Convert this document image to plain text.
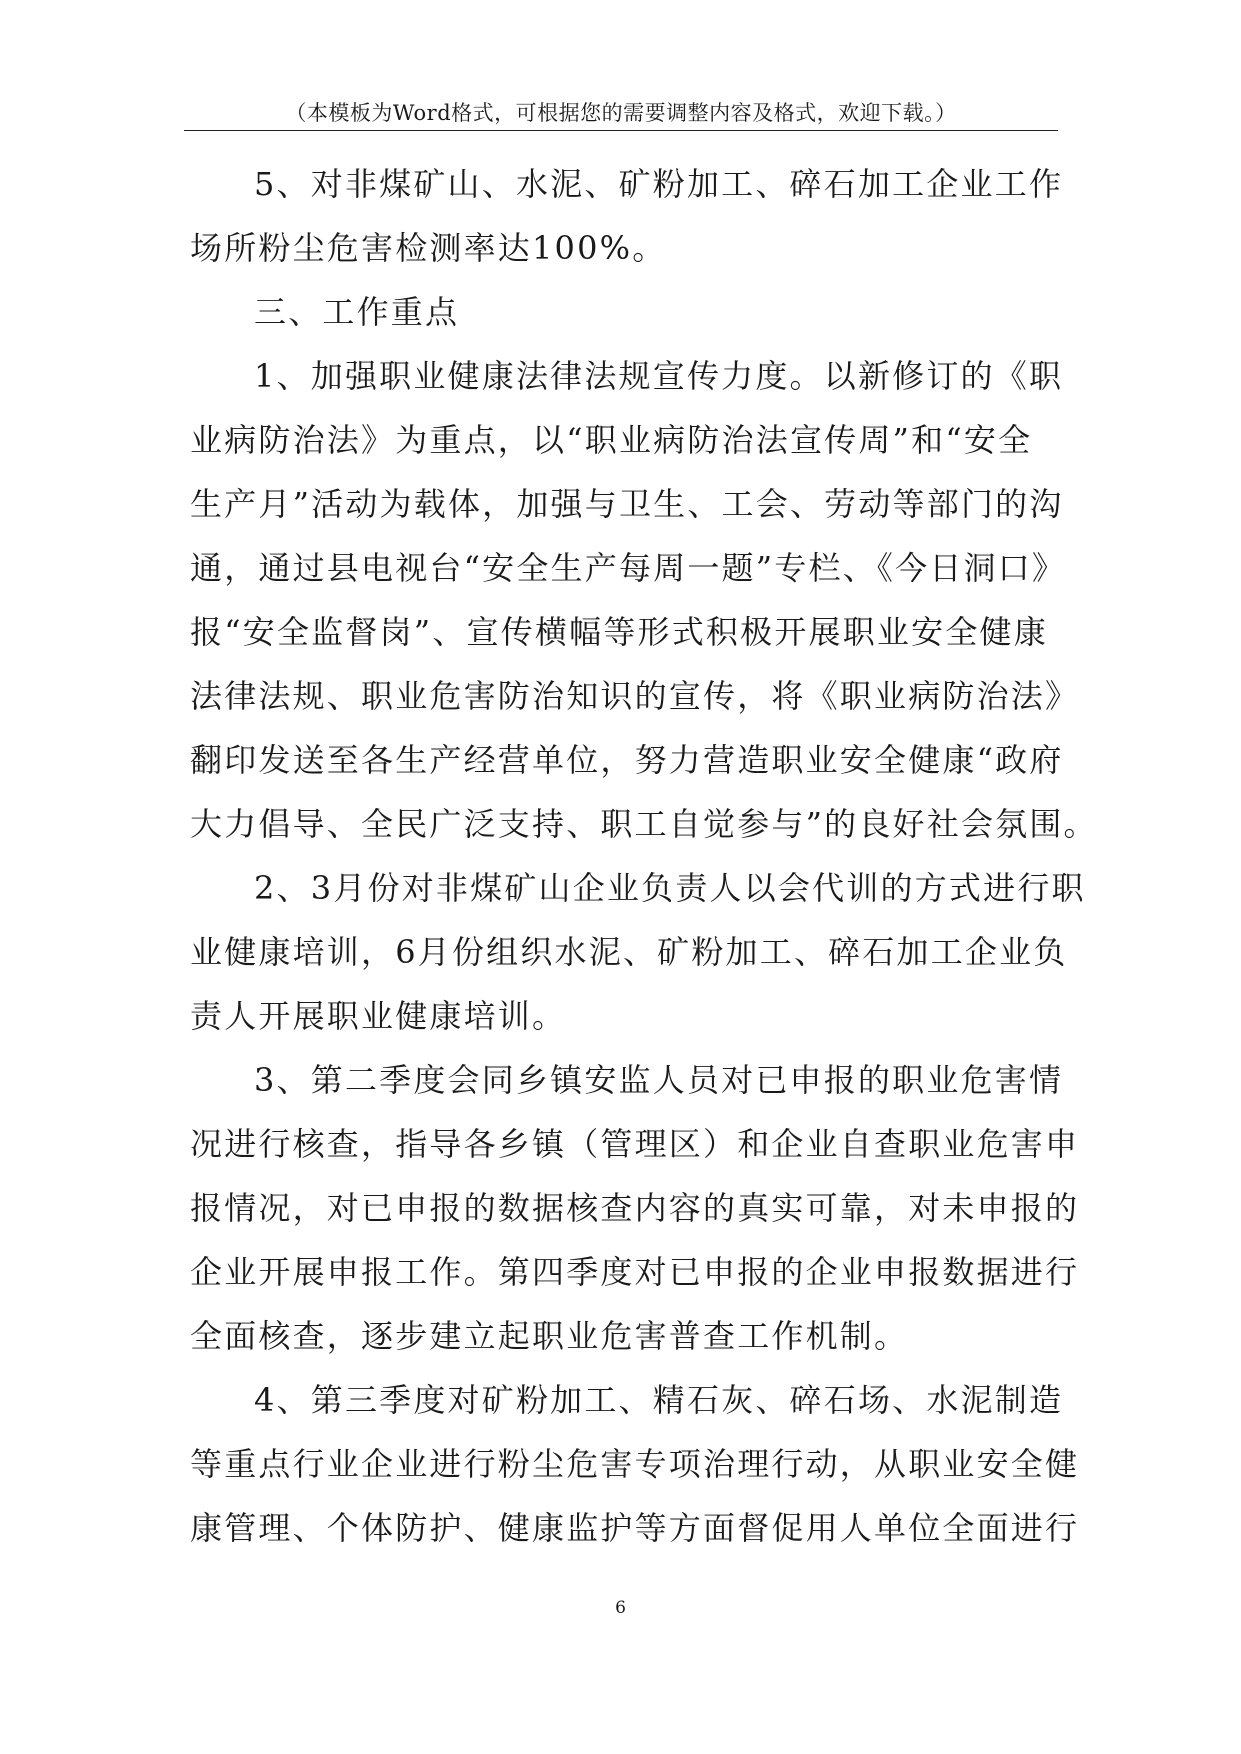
（本模板为Word格式，可根据您的需要调整内容及格式，欢迎下载。）
5、对非煤矿山、水泥、矿粉加工、碎石加工企业工作
场所粉尘危害检测率达100%。
三、工作重点
1、加强职业健康法律法规宣传力度。以新修订的《职
业病防治法》为重点，以“职业病防治法宣传周”和“安全
生产月”活动为载体，加强与卫生、工会、劳动等部门的沟
通，通过县电视台“安全生产每周一题”专栏、《今日洞口》
报“安全监督岗”、宣传横幅等形式积极开展职业安全健康
法律法规、职业危害防治知识的宣传，将《职业病防治法》
翻印发送至各生产经营单位，努力营造职业安全健康“政府
大力倡导、全民广泛支持、职工自觉参与”的良好社会氛围。
2、3月份对非煤矿山企业负责人以会代训的方式进行职
业健康培训，6月份组织水泥、矿粉加工、碎石加工企业负
责人开展职业健康培训。
3、第二季度会同乡镇安监人员对已申报的职业危害情
况进行核查，指导各乡镇（管理区）和企业自查职业危害申
报情况，对已申报的数据核查内容的真实可靠，对未申报的
企业开展申报工作。第四季度对已申报的企业申报数据进行
全面核查，逐步建立起职业危害普查工作机制。
4、第三季度对矿粉加工、精石灰、碎石场、水泥制造
等重点行业企业进行粉尘危害专项治理行动，从职业安全健
康管理、个体防护、健康监护等方面督促用人单位全面进行
6
